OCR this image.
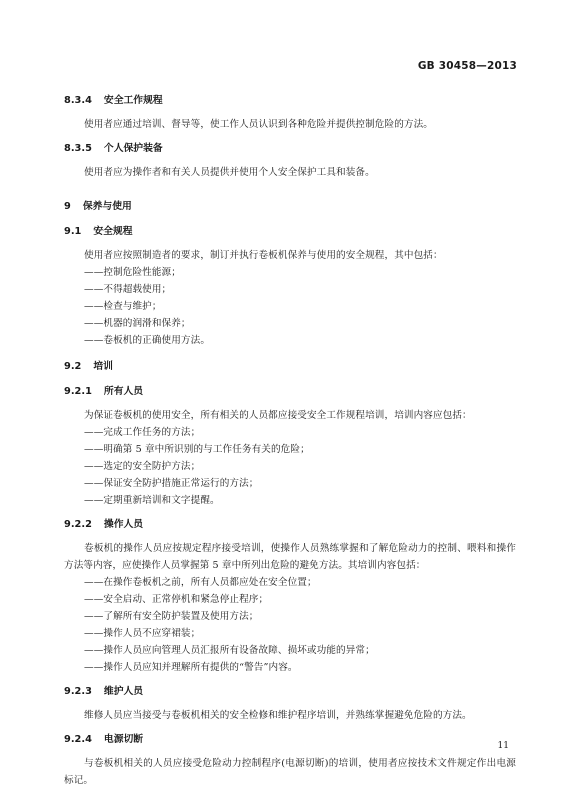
GB 30458—2013
8.3.4 安全工作规程
使用者应通过培训、督导等，使工作人员认识到各种危险并提供控制危险的方法。
8.3.5 个人保护装备
使用者应为操作者和有关人员提供并使用个人安全保护工具和装备。
9 保养与使用
9.1 安全规程
使用者应按照制造者的要求，制订并执行卷板机保养与使用的安全规程，其中包括：
——控制危险性能源；
——不得超载使用；
——检查与维护；
——机器的润滑和保养；
——卷板机的正确使用方法。
9.2 培训
9.2.1 所有人员
为保证卷板机的使用安全，所有相关的人员都应接受安全工作规程培训，培训内容应包括：
——完成工作任务的方法；
——明确第 5 章中所识别的与工作任务有关的危险；
——选定的安全防护方法；
——保证安全防护措施正常运行的方法；
——定期重新培训和文字提醒。
9.2.2 操作人员
卷板机的操作人员应按规定程序接受培训，使操作人员熟练掌握和了解危险动力的控制、喂料和操作方法等内容，应使操作人员掌握第 5 章中所列出危险的避免方法。其培训内容包括：
——在操作卷板机之前，所有人员都应处在安全位置；
——安全启动、正常停机和紧急停止程序；
——了解所有安全防护装置及使用方法；
——操作人员不应穿裙装；
——操作人员应向管理人员汇报所有设备故障、损坏或功能的异常；
——操作人员应知并理解所有提供的“警告”内容。
9.2.3 维护人员
维修人员应当接受与卷板机相关的安全检修和维护程序培训，并熟练掌握避免危险的方法。
9.2.4 电源切断
与卷板机相关的人员应接受危险动力控制程序(电源切断)的培训，使用者应按技术文件规定作出电源标记。
11
